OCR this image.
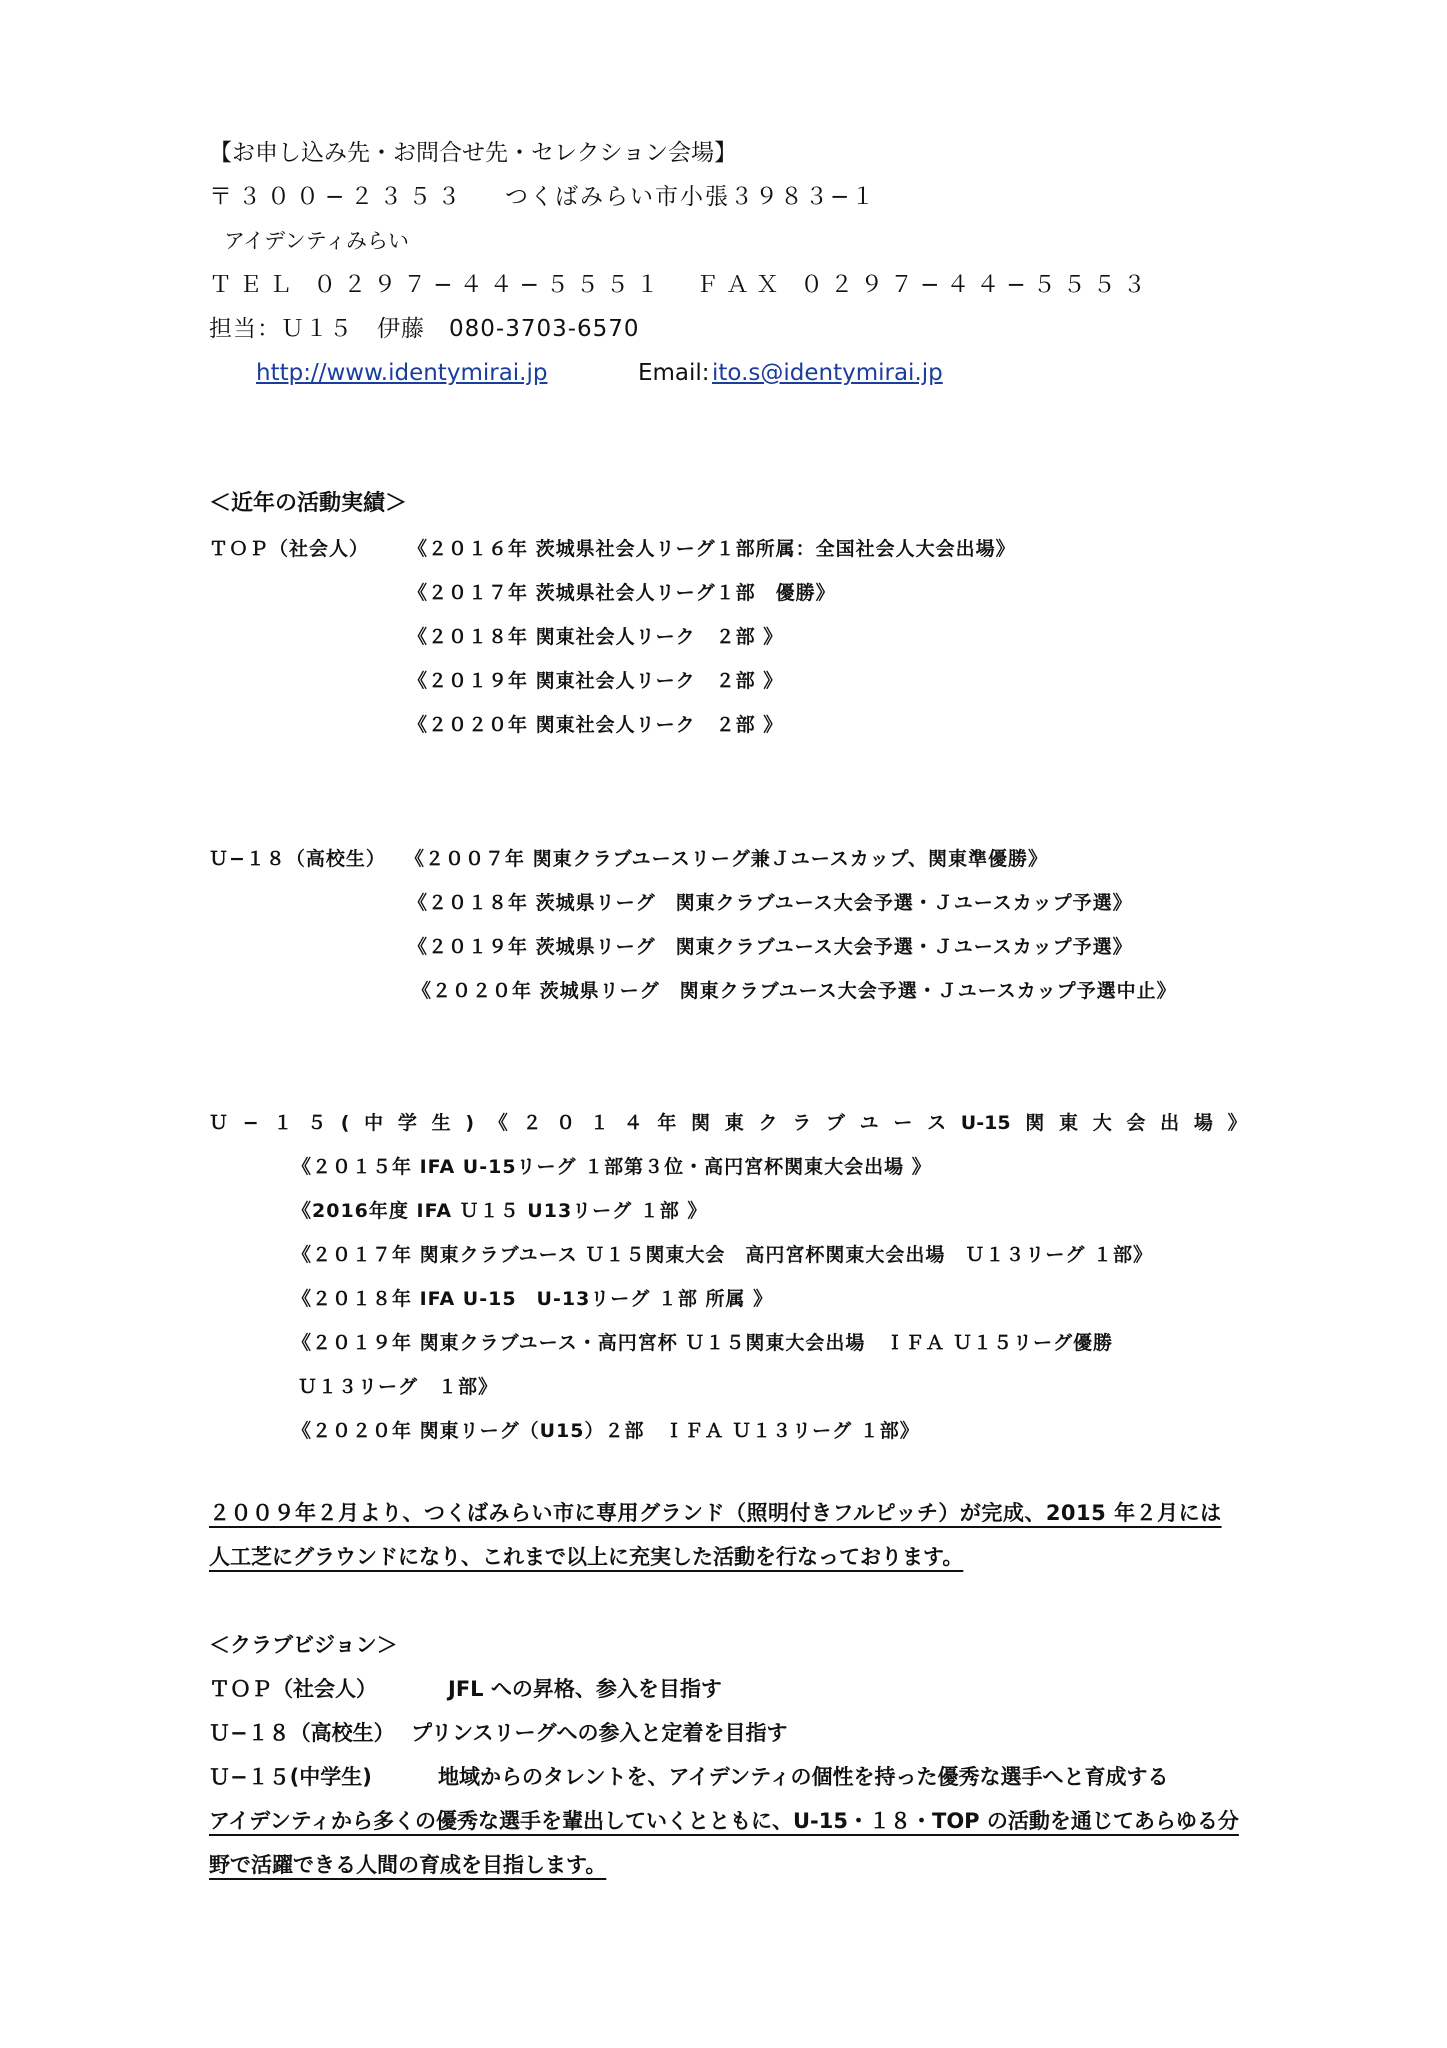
【お申し込み先・お問合せ先・セレクション会場】
〒３００−２３５３ つくばみらい市小張３９８３−１
アイデンティみらい
ＴＥＬ ０２９７−４４−５５５１　ＦＡＸ ０２９７−４４−５５５３
担当：Ｕ１５　伊藤　080-3703-6570
http://www.identymirai.jp	Email: ito.s@identymirai.jp
＜近年の活動実績＞
ＴＯＰ（社会人） 《２０１６年 茨城県社会人リーグ１部所属：全国社会人大会出場》
《２０１７年 茨城県社会人リーグ１部　優勝》
《２０１８年 関東社会人リーク　２部 》
《２０１９年 関東社会人リーク　２部 》
《２０２０年 関東社会人リーク　２部 》
Ｕ−１８（高校生） 《２００７年 関東クラブユースリーグ兼Ｊユースカップ、関東準優勝》
《２０１８年 茨城県リーグ　関東クラブユース大会予選・Ｊユースカップ予選》
《２０１９年 茨城県リーグ　関東クラブユース大会予選・Ｊユースカップ予選》
《２０２０年 茨城県リーグ　関東クラブユース大会予選・Ｊユースカップ予選中止》
Ｕ − １ ５ ( 中 学 生 ) 《 ２ ０ １ ４ 年 関 東 ク ラ ブ ユ ー ス U-15 関 東 大 会 出 場 》
《２０１５年 IFA U-15リーグ １部第３位・高円宮杯関東大会出場 》
《2016年度 IFA Ｕ１５ U13リーグ １部 》
《２０１７年 関東クラブユース Ｕ１５関東大会　高円宮杯関東大会出場　Ｕ１３リーグ １部》
《２０１８年 IFA U-15　U-13リーグ １部 所属 》
《２０１９年 関東クラブユース・高円宮杯 Ｕ１５関東大会出場　ＩＦＡ Ｕ１５リーグ優勝
Ｕ１３リーグ　１部》
《２０２０年 関東リーグ（U15）２部　ＩＦＡ Ｕ１３リーグ １部》
２００９年２月より、つくばみらい市に専用グランド（照明付きフルピッチ）が完成、2015 年２月には
人工芝にグラウンドになり、これまで以上に充実した活動を行なっております。
＜クラブビジョン＞
ＴＯＰ（社会人）	JFL への昇格、参入を目指す
Ｕ−１８（高校生） プリンスリーグへの参入と定着を目指す
Ｕ−１５(中学生)	地域からのタレントを、アイデンティの個性を持った優秀な選手へと育成する
アイデンティから多くの優秀な選手を輩出していくとともに、U-15・１８・TOP の活動を通じてあらゆる分
野で活躍できる人間の育成を目指します。
